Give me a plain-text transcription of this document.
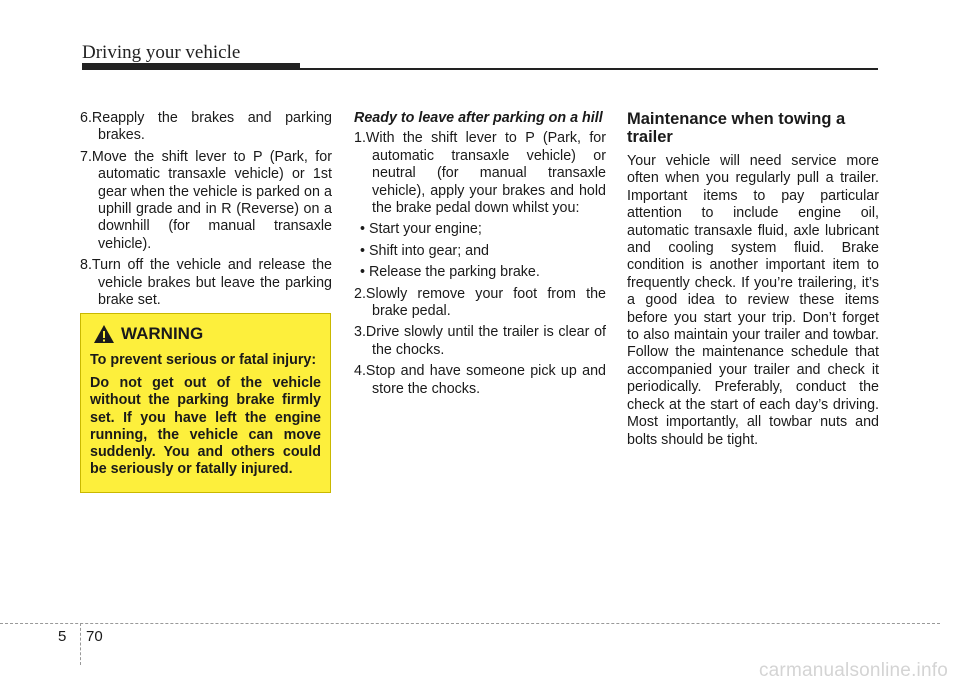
Driving your vehicle

6.Reapply the brakes and parking brakes.

7.Move the shift lever to P (Park, for automatic transaxle vehicle) or 1st gear when the vehicle is parked on a uphill grade and in R (Reverse) on a downhill (for manual transaxle vehicle).

8.Turn off the vehicle and release the vehicle brakes but leave the parking brake set.

WARNING

To prevent serious or fatal injury:

Do not get out of the vehicle without the parking brake firmly set. If you have left the engine running, the vehicle can move suddenly. You and others could be seriously or fatally injured.

Ready to leave after parking on a hill

1.With the shift lever to P (Park, for automatic transaxle vehicle) or neutral (for manual transaxle vehicle), apply your brakes and hold the brake pedal down whilst you:

• Start your engine;

• Shift into gear; and

• Release the parking brake.

2.Slowly remove your foot from the brake pedal.

3.Drive slowly until the trailer is clear of the chocks.

4.Stop and have someone pick up and store the chocks.

Maintenance when towing a trailer

Your vehicle will need service more often when you regularly pull a trailer. Important items to pay particular attention to include engine oil, automatic transaxle fluid, axle lubricant and cooling system fluid. Brake condition is another important item to frequently check. If you’re trailering, it’s a good idea to review these items before you start your trip. Don’t forget to also maintain your trailer and towbar. Follow the maintenance schedule that accompanied your trailer and check it periodically. Preferably, conduct the check at the start of each day’s driving. Most importantly, all towbar nuts and bolts should be tight.

5 70
carmanualsonline.info
